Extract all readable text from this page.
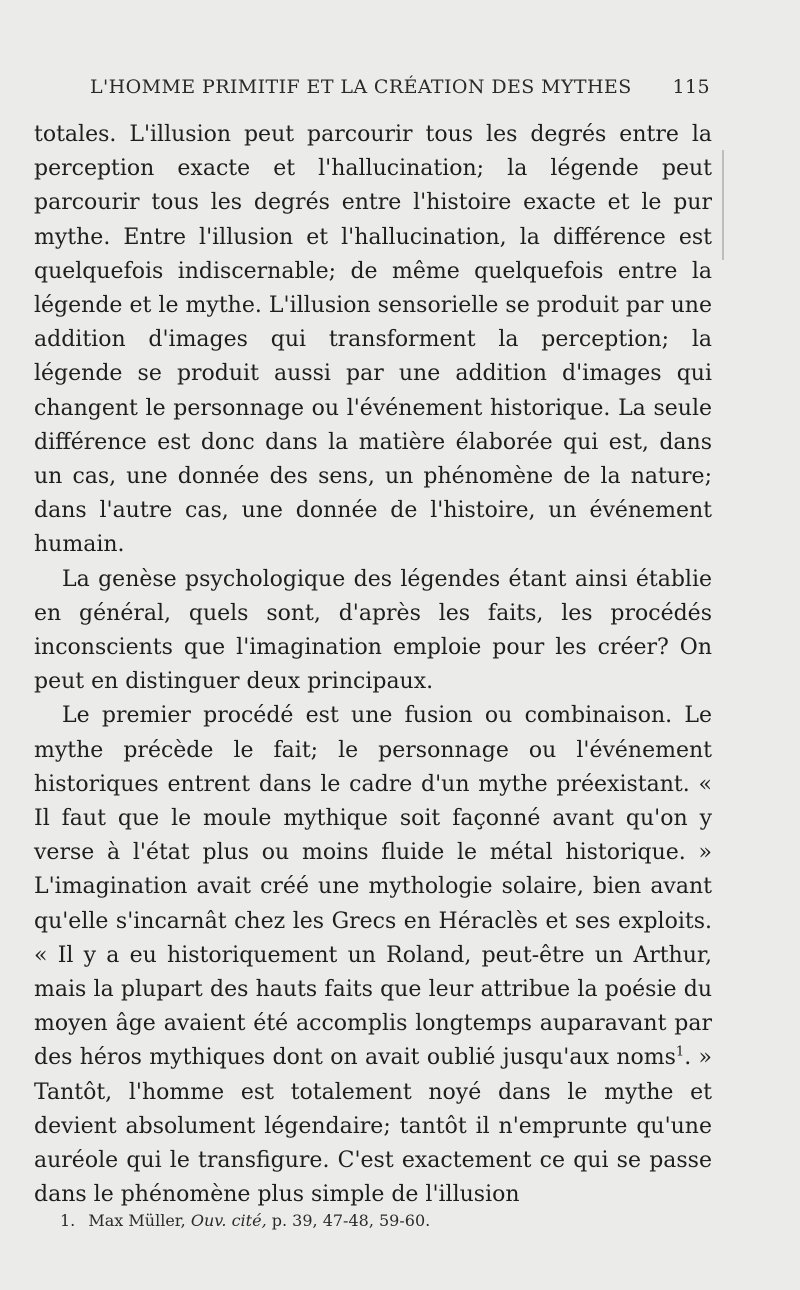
L'HOMME PRIMITIF ET LA CRÉATION DES MYTHES 115

totales. L'illusion peut parcourir tous les degrés entre la perception exacte et l'hallucination; la légende peut parcourir tous les degrés entre l'histoire exacte et le pur mythe. Entre l'illusion et l'hallucination, la différence est quelquefois indiscernable; de même quelquefois entre la légende et le mythe. L'illusion sensorielle se produit par une addition d'images qui transforment la perception; la légende se produit aussi par une addition d'images qui changent le personnage ou l'événement historique. La seule différence est donc dans la matière élaborée qui est, dans un cas, une donnée des sens, un phénomène de la nature; dans l'autre cas, une donnée de l'histoire, un événement humain.

La genèse psychologique des légendes étant ainsi établie en général, quels sont, d'après les faits, les procédés inconscients que l'imagination emploie pour les créer? On peut en distinguer deux principaux.

Le premier procédé est une fusion ou combinaison. Le mythe précède le fait; le personnage ou l'événement historiques entrent dans le cadre d'un mythe préexistant. « Il faut que le moule mythique soit façonné avant qu'on y verse à l'état plus ou moins fluide le métal historique. » L'imagination avait créé une mythologie solaire, bien avant qu'elle s'incarnât chez les Grecs en Héraclès et ses exploits. « Il y a eu historiquement un Roland, peut-être un Arthur, mais la plupart des hauts faits que leur attribue la poésie du moyen âge avaient été accomplis longtemps auparavant par des héros mythiques dont on avait oublié jusqu'aux noms$^1$. » Tantôt, l'homme est totalement noyé dans le mythe et devient absolument légendaire; tantôt il n'emprunte qu'une auréole qui le transfigure. C'est exactement ce qui se passe dans le phénomène plus simple de l'illusion

1. Max Müller, Ouv. cité, p. 39, 47-48, 59-60.
